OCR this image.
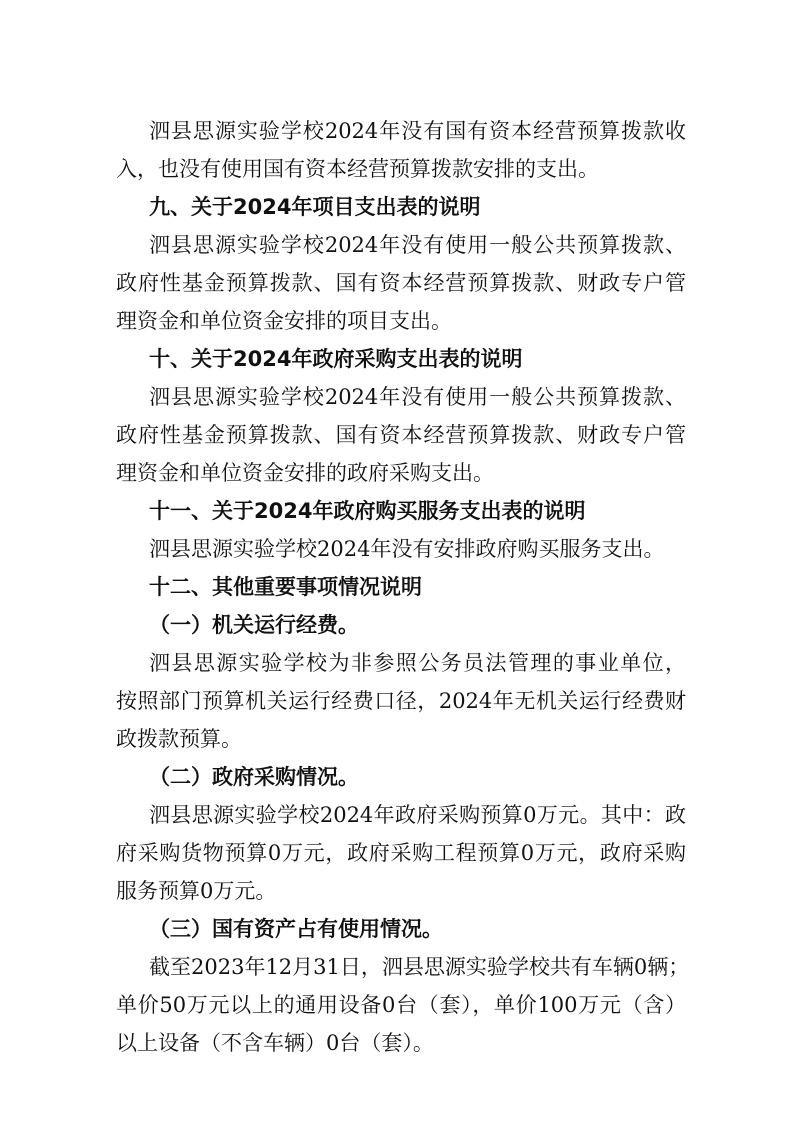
泗县思源实验学校2024年没有国有资本经营预算拨款收
入，也没有使用国有资本经营预算拨款安排的支出。
九、关于2024年项目支出表的说明
泗县思源实验学校2024年没有使用一般公共预算拨款、
政府性基金预算拨款、国有资本经营预算拨款、财政专户管
理资金和单位资金安排的项目支出。
十、关于2024年政府采购支出表的说明
泗县思源实验学校2024年没有使用一般公共预算拨款、
政府性基金预算拨款、国有资本经营预算拨款、财政专户管
理资金和单位资金安排的政府采购支出。
十一、关于2024年政府购买服务支出表的说明
泗县思源实验学校2024年没有安排政府购买服务支出。
十二、其他重要事项情况说明
（一）机关运行经费。
泗县思源实验学校为非参照公务员法管理的事业单位，
按照部门预算机关运行经费口径，2024年无机关运行经费财
政拨款预算。
（二）政府采购情况。
泗县思源实验学校2024年政府采购预算0万元。其中：政
府采购货物预算0万元，政府采购工程预算0万元，政府采购
服务预算0万元。
（三）国有资产占有使用情况。
截至2023年12月31日，泗县思源实验学校共有车辆0辆；
单价50万元以上的通用设备0台（套），单价100万元（含）
以上设备（不含车辆）0台（套）。
